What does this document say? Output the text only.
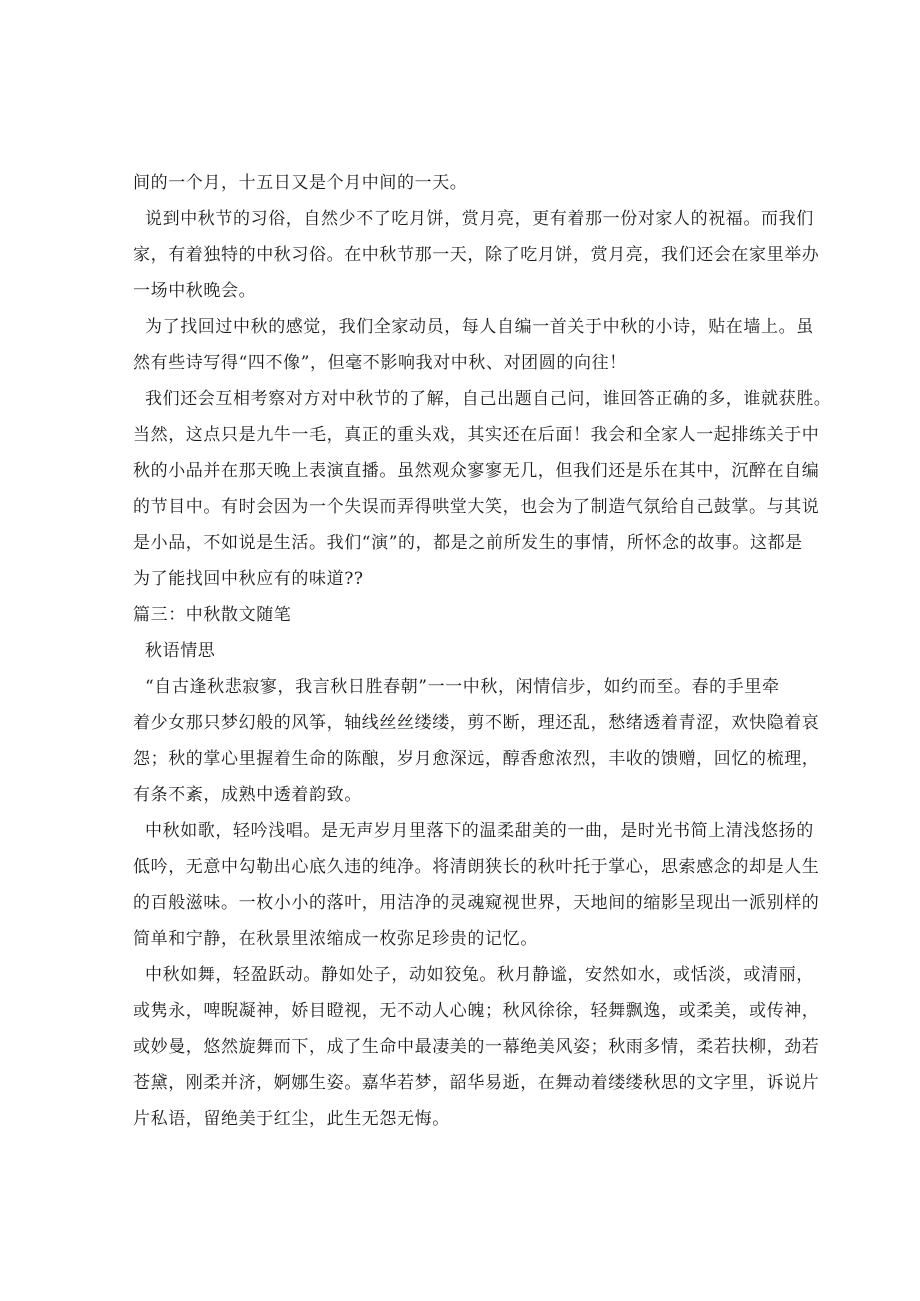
间的一个月，十五日又是个月中间的一天。
说到中秋节的习俗，自然少不了吃月饼，赏月亮，更有着那一份对家人的祝福。而我们
家，有着独特的中秋习俗。在中秋节那一天，除了吃月饼，赏月亮，我们还会在家里举办
一场中秋晚会。
为了找回过中秋的感觉，我们全家动员，每人自编一首关于中秋的小诗，贴在墙上。虽
然有些诗写得“四不像”，但毫不影响我对中秋、对团圆的向往！
我们还会互相考察对方对中秋节的了解，自己出题自己问，谁回答正确的多，谁就获胜。
当然，这点只是九牛一毛，真正的重头戏，其实还在后面！我会和全家人一起排练关于中
秋的小品并在那天晚上表演直播。虽然观众寥寥无几，但我们还是乐在其中，沉醉在自编
的节目中。有时会因为一个失误而弄得哄堂大笑，也会为了制造气氛给自己鼓掌。与其说
是小品，不如说是生活。我们“演”的，都是之前所发生的事情，所怀念的故事。这都是
为了能找回中秋应有的味道??
篇三：中秋散文随笔
秋语情思
“自古逢秋悲寂寥，我言秋日胜春朝”一一中秋，闲情信步，如约而至。春的手里牵
着少女那只梦幻般的风筝，轴线丝丝缕缕，剪不断，理还乱，愁绪透着青涩，欢快隐着哀
怨；秋的掌心里握着生命的陈酿，岁月愈深远，醇香愈浓烈，丰收的馈赠，回忆的梳理，
有条不紊，成熟中透着韵致。
中秋如歌，轻吟浅唱。是无声岁月里落下的温柔甜美的一曲，是时光书简上清浅悠扬的
低吟，无意中勾勒出心底久违的纯净。将清朗狭长的秋叶托于掌心，思索感念的却是人生
的百般滋味。一枚小小的落叶，用洁净的灵魂窥视世界，天地间的缩影呈现出一派别样的
简单和宁静，在秋景里浓缩成一枚弥足珍贵的记忆。
中秋如舞，轻盈跃动。静如处子，动如狡兔。秋月静谧，安然如水，或恬淡，或清丽，
或隽永，啤睨凝神，娇目瞪视，无不动人心魄；秋风徐徐，轻舞飘逸，或柔美，或传神，
或妙曼，悠然旋舞而下，成了生命中最凄美的一幕绝美风姿；秋雨多情，柔若扶柳，劲若
苍黛，刚柔并济，婀娜生姿。嘉华若梦，韶华易逝，在舞动着缕缕秋思的文字里，诉说片
片私语，留绝美于红尘，此生无怨无悔。
